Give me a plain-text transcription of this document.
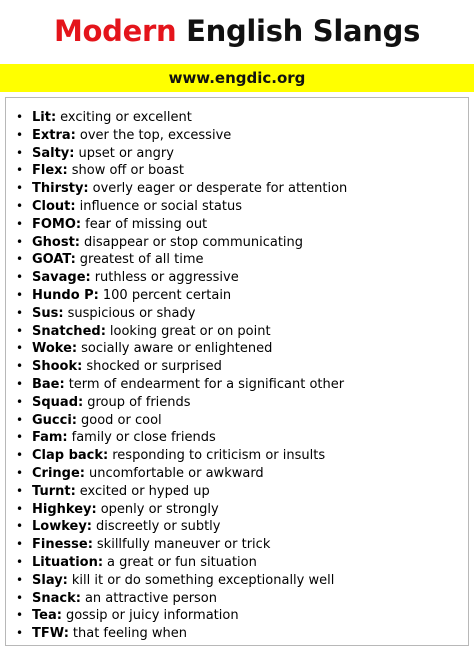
Modern English Slangs
www.engdic.org
• Lit: exciting or excellent
• Extra: over the top, excessive
• Salty: upset or angry
• Flex: show off or boast
• Thirsty: overly eager or desperate for attention
• Clout: influence or social status
• FOMO: fear of missing out
• Ghost: disappear or stop communicating
• GOAT: greatest of all time
• Savage: ruthless or aggressive
• Hundo P: 100 percent certain
• Sus: suspicious or shady
• Snatched: looking great or on point
• Woke: socially aware or enlightened
• Shook: shocked or surprised
• Bae: term of endearment for a significant other
• Squad: group of friends
• Gucci: good or cool
• Fam: family or close friends
• Clap back: responding to criticism or insults
• Cringe: uncomfortable or awkward
• Turnt: excited or hyped up
• Highkey: openly or strongly
• Lowkey: discreetly or subtly
• Finesse: skillfully maneuver or trick
• Lituation: a great or fun situation
• Slay: kill it or do something exceptionally well
• Snack: an attractive person
• Tea: gossip or juicy information
• TFW: that feeling when
